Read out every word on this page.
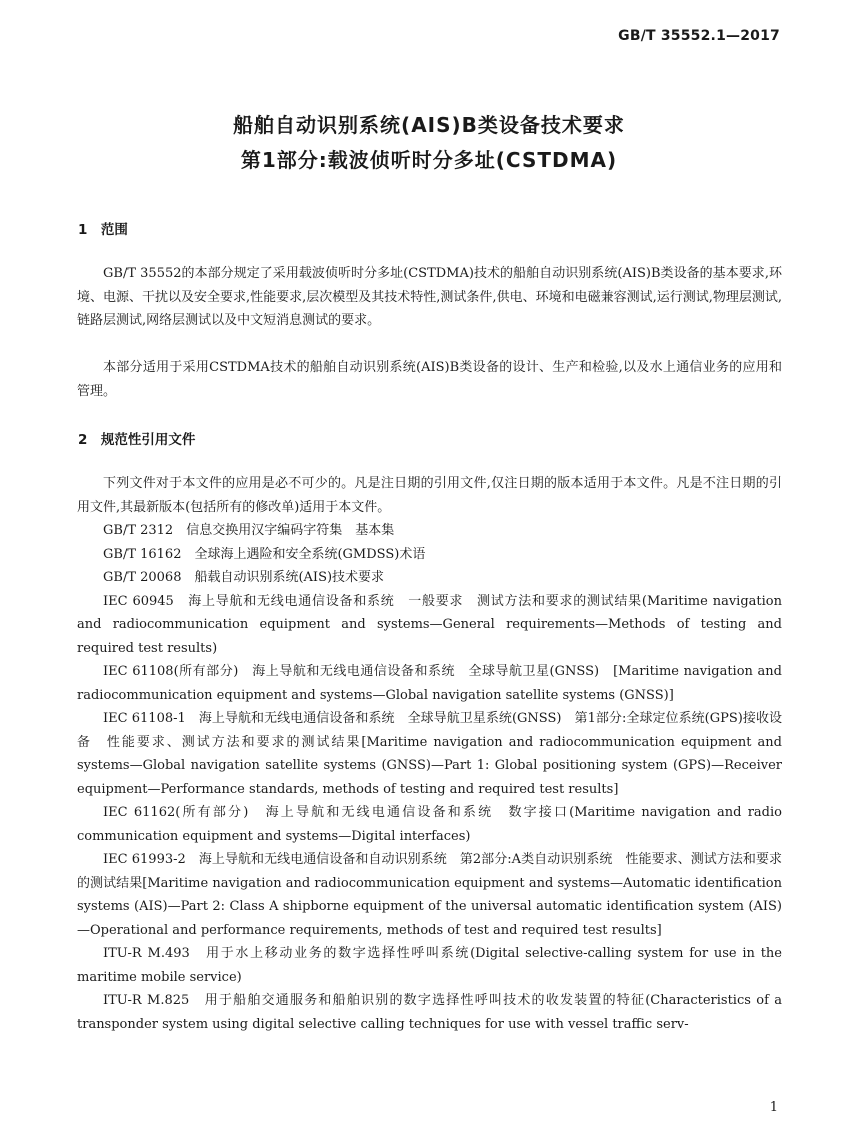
GB/T 35552.1—2017
船舶自动识别系统(AIS)B类设备技术要求
第1部分:载波侦听时分多址(CSTDMA)
1　范围

GB/T 35552的本部分规定了采用载波侦听时分多址(CSTDMA)技术的船舶自动识别系统(AIS)B类设备的基本要求,环境、电源、干扰以及安全要求,性能要求,层次模型及其技术特性,测试条件,供电、环境和电磁兼容测试,运行测试,物理层测试,链路层测试,网络层测试以及中文短消息测试的要求。

本部分适用于采用CSTDMA技术的船舶自动识别系统(AIS)B类设备的设计、生产和检验,以及水上通信业务的应用和管理。

2　规范性引用文件
下列文件对于本文件的应用是必不可少的。凡是注日期的引用文件,仅注日期的版本适用于本文件。凡是不注日期的引用文件,其最新版本(包括所有的修改单)适用于本文件。
GB/T 2312　信息交换用汉字编码字符集　基本集
GB/T 16162　全球海上遇险和安全系统(GMDSS)术语
GB/T 20068　船载自动识别系统(AIS)技术要求
IEC 60945　海上导航和无线电通信设备和系统　一般要求　测试方法和要求的测试结果(Maritime navigation and radiocommunication equipment and systems—General requirements—Methods of testing and required test results)
IEC 61108(所有部分)　海上导航和无线电通信设备和系统　全球导航卫星(GNSS)　[Maritime navigation and radiocommunication equipment and systems—Global navigation satellite systems (GNSS)]
IEC 61108-1　海上导航和无线电通信设备和系统　全球导航卫星系统(GNSS)　第1部分:全球定位系统(GPS)接收设备　性能要求、测试方法和要求的测试结果[Maritime navigation and radiocommunication equipment and systems—Global navigation satellite systems (GNSS)—Part 1: Global positioning system (GPS)—Receiver equipment—Performance standards, methods of testing and required test results]
IEC 61162(所有部分)　海上导航和无线电通信设备和系统　数字接口(Maritime navigation and radio communication equipment and systems—Digital interfaces)
IEC 61993-2　海上导航和无线电通信设备和自动识别系统　第2部分:A类自动识别系统　性能要求、测试方法和要求的测试结果[Maritime navigation and radiocommunication equipment and systems—Automatic identification systems (AIS)—Part 2: Class A shipborne equipment of the universal automatic identification system (AIS)—Operational and performance requirements, methods of test and required test results]
ITU-R M.493　用于水上移动业务的数字选择性呼叫系统(Digital selective-calling system for use in the maritime mobile service)
ITU-R M.825　用于船舶交通服务和船舶识别的数字选择性呼叫技术的收发装置的特征(Characteristics of a transponder system using digital selective calling techniques for use with vessel traffic serv-
1
